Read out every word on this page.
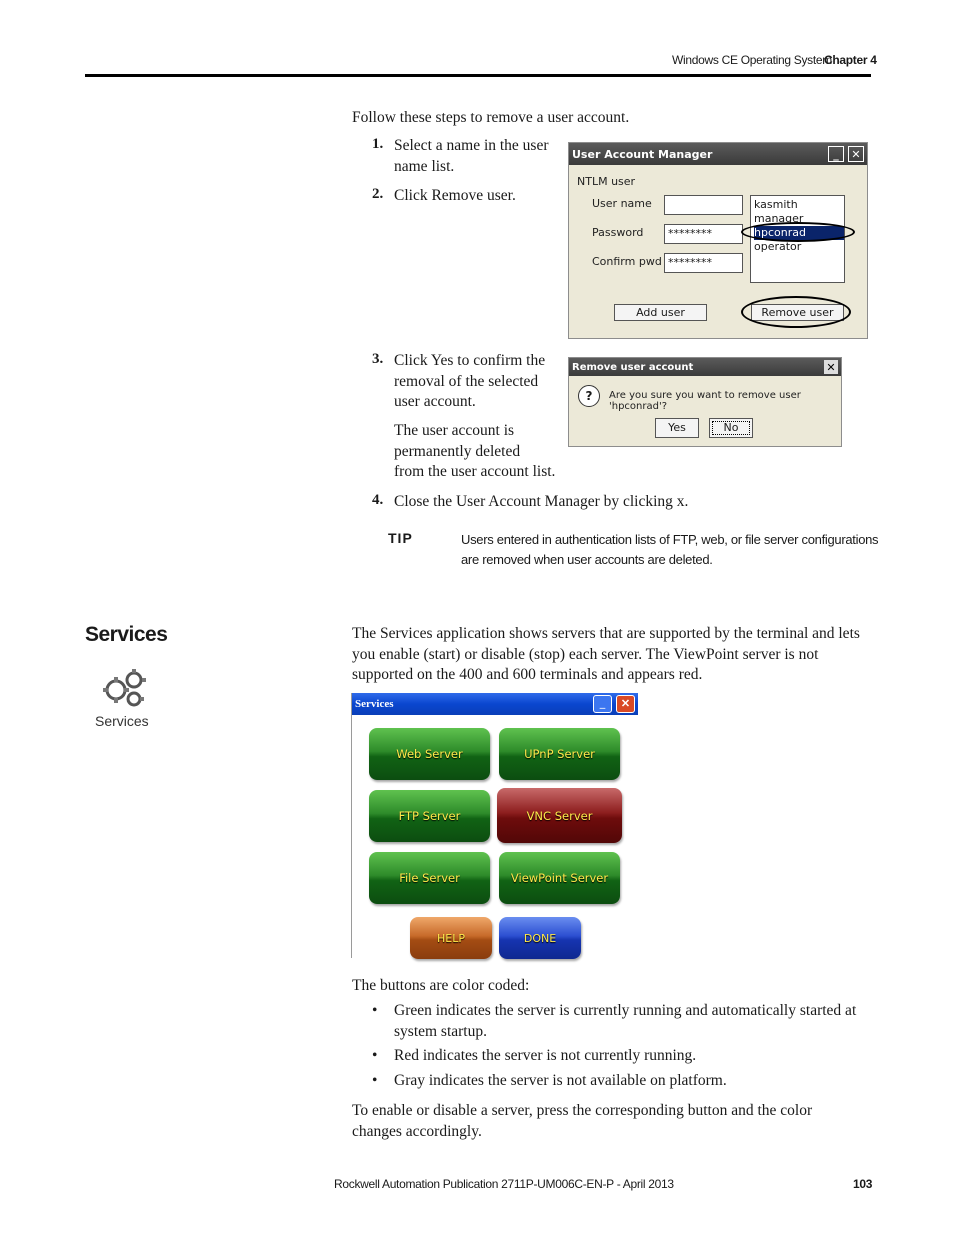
Windows CE Operating System
Chapter 4
Follow these steps to remove a user account.
1. Select a name in the user
name list.
2. Click Remove user.
User Account Manager	_ ✕
NTLM user
User name
Password	********
Confirm pwd ********
kasmith
manager
hpconrad
operator
Add user	Remove user
3. Click Yes to confirm the
removal of the selected
user account.
The user account is
permanently deleted
from the user account list.
Remove user account	✕
?	Are you sure you want to remove user 'hpconrad'?
Yes	No
4. Close the User Account Manager by clicking x.
TIP	Users entered in authentication lists of FTP, web, or file server configurations
are removed when user accounts are deleted.
Services
Services
The Services application shows servers that are supported by the terminal and lets
you enable (start) or disable (stop) each server. The ViewPoint server is not
supported on the 400 and 600 terminals and appears red.
Services	_ ✕
Web Server	UPnP Server
FTP Server	VNC Server
File Server	ViewPoint Server
HELP	DONE
The buttons are color coded:
• Green indicates the server is currently running and automatically started at
system startup.
• Red indicates the server is not currently running.
• Gray indicates the server is not available on platform.
To enable or disable a server, press the corresponding button and the color
changes accordingly.
Rockwell Automation Publication 2711P-UM006C-EN-P - April 2013	103
